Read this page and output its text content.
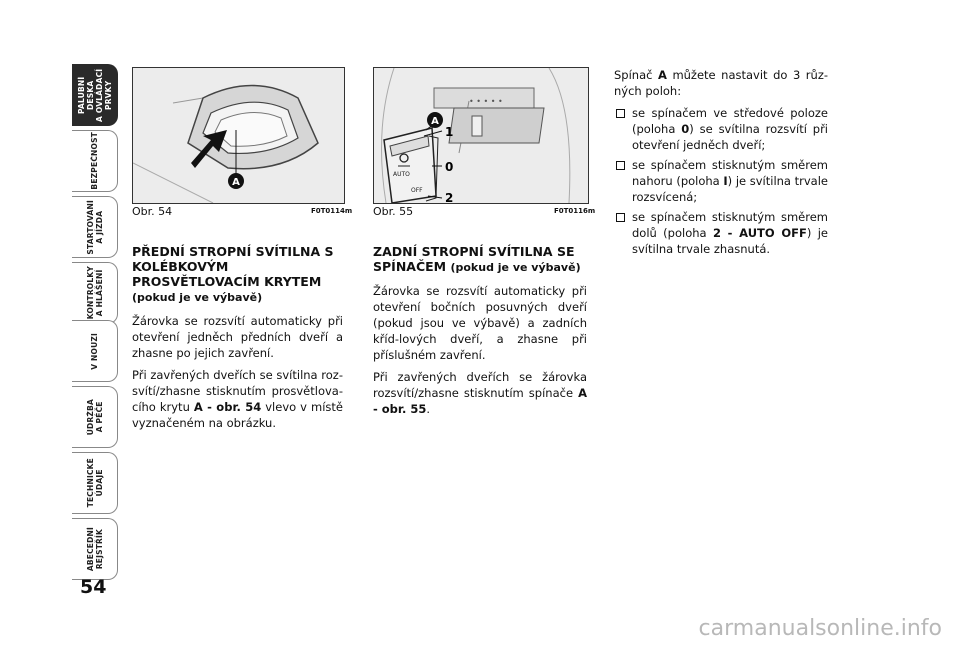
PALUBNÍ DESKA
A OVLÁDACÍ PRVKY
BEZPEČNOST
STARTOVÁNÍ
A JÍZDA
KONTROLKY
A HLÁŠENÍ
V NOUZI
ÚDRŽBA
A PÉČE
TECHNICKÉ
ÚDAJE
ABECEDNÍ
REJSTŘÍK
54
A
Obr. 54	F0T0114m
• • • • •
AUTO
OFF
1
0
2
A
Obr. 55	F0T0116m
PŘEDNÍ STROPNÍ SVÍTILNA S KOLÉBKOVÝM PROSVĚTLOVACÍM KRYTEM
(pokud je ve výbavě)

Žárovka se rozsvítí automaticky při otevření jedněch předních dveří a zhasne po jejich zavření.

Při zavřených dveřích se svítilna roz-svítí/zhasne stisknutím prosvětlova-cího krytu A - obr. 54 vlevo v místě vyznačeném na obrázku.

ZADNÍ STROPNÍ SVÍTILNA SE SPÍNAČEM (pokud je ve výbavě)

Žárovka se rozsvítí automaticky při otevření bočních posuvných dveří (pokud jsou ve výbavě) a zadních kříd-lových dveří, a zhasne při příslušném zavření.

Při zavřených dveřích se žárovka rozsvítí/zhasne stisknutím spínače A - obr. 55.

Spínač A můžete nastavit do 3 růz-ných poloh:

se spínačem ve středové poloze (poloha 0) se svítilna rozsvítí při otevření jedněch dveří;
se spínačem stisknutým směrem nahoru (poloha I) je svítilna trvale rozsvícená;
se spínačem stisknutým směrem dolů (poloha 2 - AUTO OFF) je svítilna trvale zhasnutá.
carmanualsonline.info
